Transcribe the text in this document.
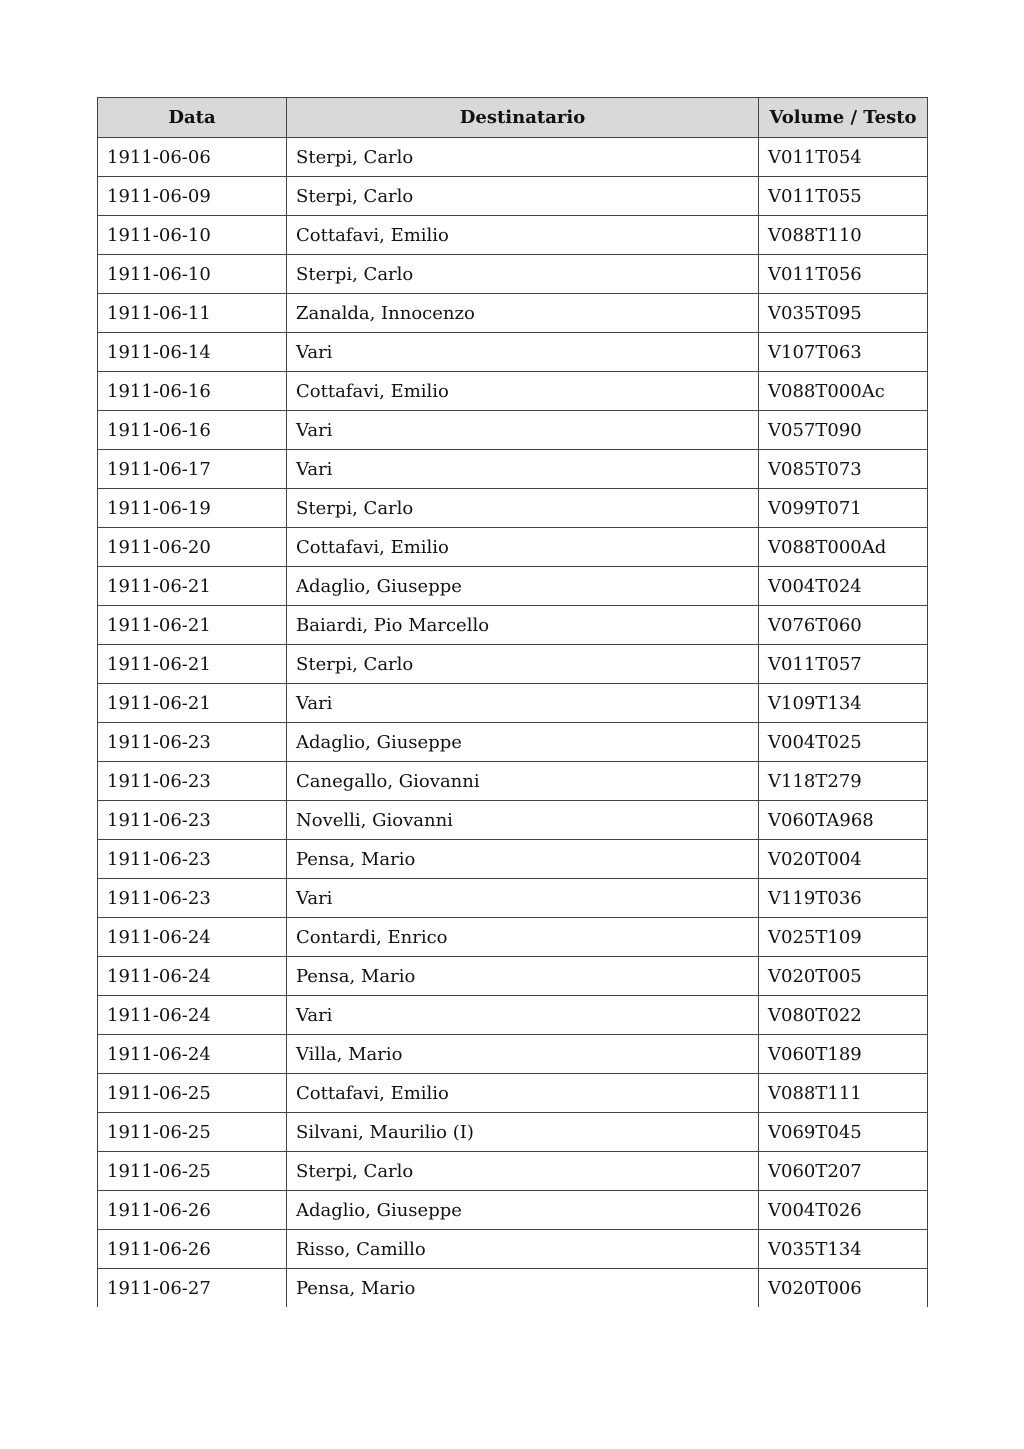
Data	Destinatario	Volume / Testo
1911-06-06	Sterpi, Carlo	V011T054
1911-06-09	Sterpi, Carlo	V011T055
1911-06-10	Cottafavi, Emilio	V088T110
1911-06-10	Sterpi, Carlo	V011T056
1911-06-11	Zanalda, Innocenzo	V035T095
1911-06-14	Vari	V107T063
1911-06-16	Cottafavi, Emilio	V088T000Ac
1911-06-16	Vari	V057T090
1911-06-17	Vari	V085T073
1911-06-19	Sterpi, Carlo	V099T071
1911-06-20	Cottafavi, Emilio	V088T000Ad
1911-06-21	Adaglio, Giuseppe	V004T024
1911-06-21	Baiardi, Pio Marcello	V076T060
1911-06-21	Sterpi, Carlo	V011T057
1911-06-21	Vari	V109T134
1911-06-23	Adaglio, Giuseppe	V004T025
1911-06-23	Canegallo, Giovanni	V118T279
1911-06-23	Novelli, Giovanni	V060TA968
1911-06-23	Pensa, Mario	V020T004
1911-06-23	Vari	V119T036
1911-06-24	Contardi, Enrico	V025T109
1911-06-24	Pensa, Mario	V020T005
1911-06-24	Vari	V080T022
1911-06-24	Villa, Mario	V060T189
1911-06-25	Cottafavi, Emilio	V088T111
1911-06-25	Silvani, Maurilio (I)	V069T045
1911-06-25	Sterpi, Carlo	V060T207
1911-06-26	Adaglio, Giuseppe	V004T026
1911-06-26	Risso, Camillo	V035T134
1911-06-27	Pensa, Mario	V020T006
